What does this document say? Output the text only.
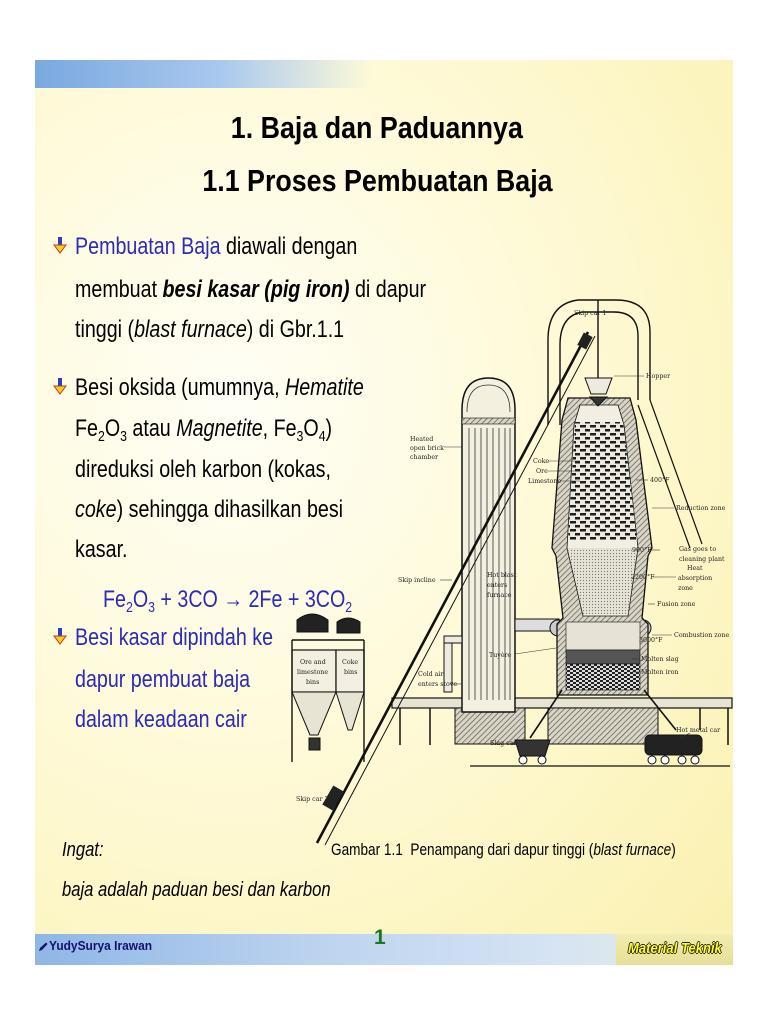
1. Baja dan Paduannya
1.1 Proses Pembuatan Baja
Pembuatan Baja diawali dengan
membuat besi kasar (pig iron) di dapur
tinggi (blast furnace) di Gbr.1.1
Besi oksida (umumnya, Hematite
$Fe_2O_3$ atau Magnetite, $Fe_3O_4$)
direduksi oleh karbon (kokas,
coke) sehingga dihasilkan besi
kasar.
$Fe_2O_3 + 3CO \to 2Fe + 3CO_2$
Besi kasar dipindah ke
dapur pembuat baja
dalam keadaan cair
Ingat:
baja adalah paduan besi dan karbon
Skip car 1
Hopper
Heated
open brick
chamber
Coke
Ore
Limestone	400°F
Reduction zone
Gas goes to
cleaning plant
900°F
Heat
absorption
zone
2200°F
Fusion zone
Skip incline
Hot blast
enters
furnace
3000°F
Combustion zone
Ore and
limestone
bins
Coke
bins
Tuyère
Molten slag
Molten iron
Cold air
enters stove
Slag car
Hot metal car
Skip car 2
Gambar 1.1  Penampang dari dapur tinggi (blast furnace)
YudySurya Irawan	1	Material Teknik
